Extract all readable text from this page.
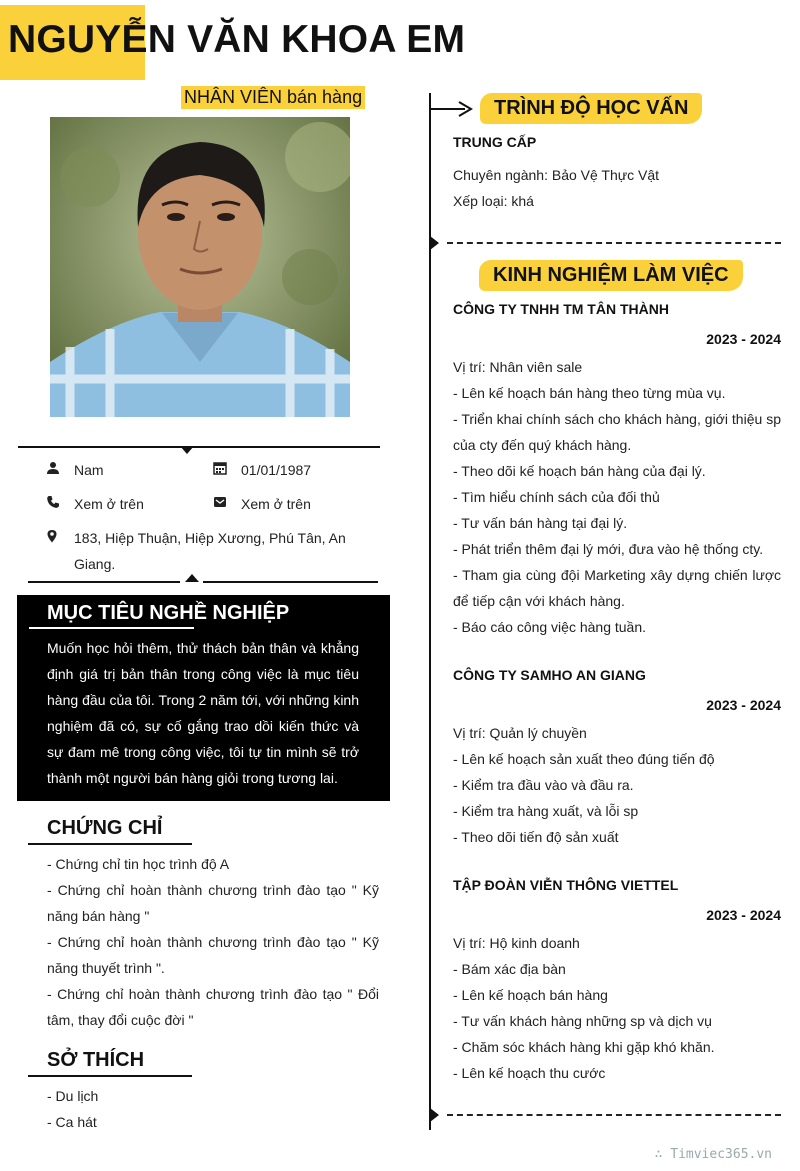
NGUYỄN VĂN KHOA EM
NHÂN VIÊN bán hàng
Nam	01/01/1987
Xem ở trên	Xem ở trên
183, Hiệp Thuận, Hiệp Xương, Phú Tân, An
Giang.
MỤC TIÊU NGHỀ NGHIỆP
Muốn học hỏi thêm, thử thách bản thân và khẳng định giá trị bản thân trong công việc là mục tiêu hàng đầu của tôi. Trong 2 năm tới, với những kinh nghiệm đã có, sự cố gắng trao dồi kiến thức và sự đam mê trong công việc, tôi tự tin mình sẽ trở thành một người bán hàng giỏi trong tương lai.
CHỨNG CHỈ
- Chứng chỉ tin học trình độ A
- Chứng chỉ hoàn thành chương trình đào tạo " Kỹ năng bán hàng "
- Chứng chỉ hoàn thành chương trình đào tạo " Kỹ năng thuyết trình ".
- Chứng chỉ hoàn thành chương trình đào tạo " Đổi tâm, thay đổi cuộc đời "
SỞ THÍCH
- Du lịch
- Ca hát
TRÌNH ĐỘ HỌC VẤN
TRUNG CẤP
Chuyên ngành: Bảo Vệ Thực Vật
Xếp loại: khá
KINH NGHIỆM LÀM VIỆC
CÔNG TY TNHH TM TÂN THÀNH
2023 - 2024
Vị trí: Nhân viên sale
- Lên kế hoạch bán hàng theo từng mùa vụ.
- Triển khai chính sách cho khách hàng, giới thiệu sp của cty đến quý khách hàng.
- Theo dõi kế hoạch bán hàng của đại lý.
- Tìm hiểu chính sách của đối thủ
- Tư vấn bán hàng tại đại lý.
- Phát triển thêm đại lý mới, đưa vào hệ thống cty.
- Tham gia cùng đội Marketing xây dựng chiến lược để tiếp cận với khách hàng.
- Báo cáo công việc hàng tuần.
CÔNG TY SAMHO AN GIANG
2023 - 2024
Vị trí: Quản lý chuyền
- Lên kế hoạch sản xuất theo đúng tiến độ
- Kiểm tra đầu vào và đầu ra.
- Kiểm tra hàng xuất, và lỗi sp
- Theo dõi tiến độ sản xuất
TẬP ĐOÀN VIỄN THÔNG VIETTEL
2023 - 2024
Vị trí: Hộ kinh doanh
- Bám xác địa bàn
- Lên kế hoạch bán hàng
- Tư vấn khách hàng những sp và dịch vụ
- Chăm sóc khách hàng khi gặp khó khăn.
- Lên kế hoạch thu cước
∴ Timviec365.vn
